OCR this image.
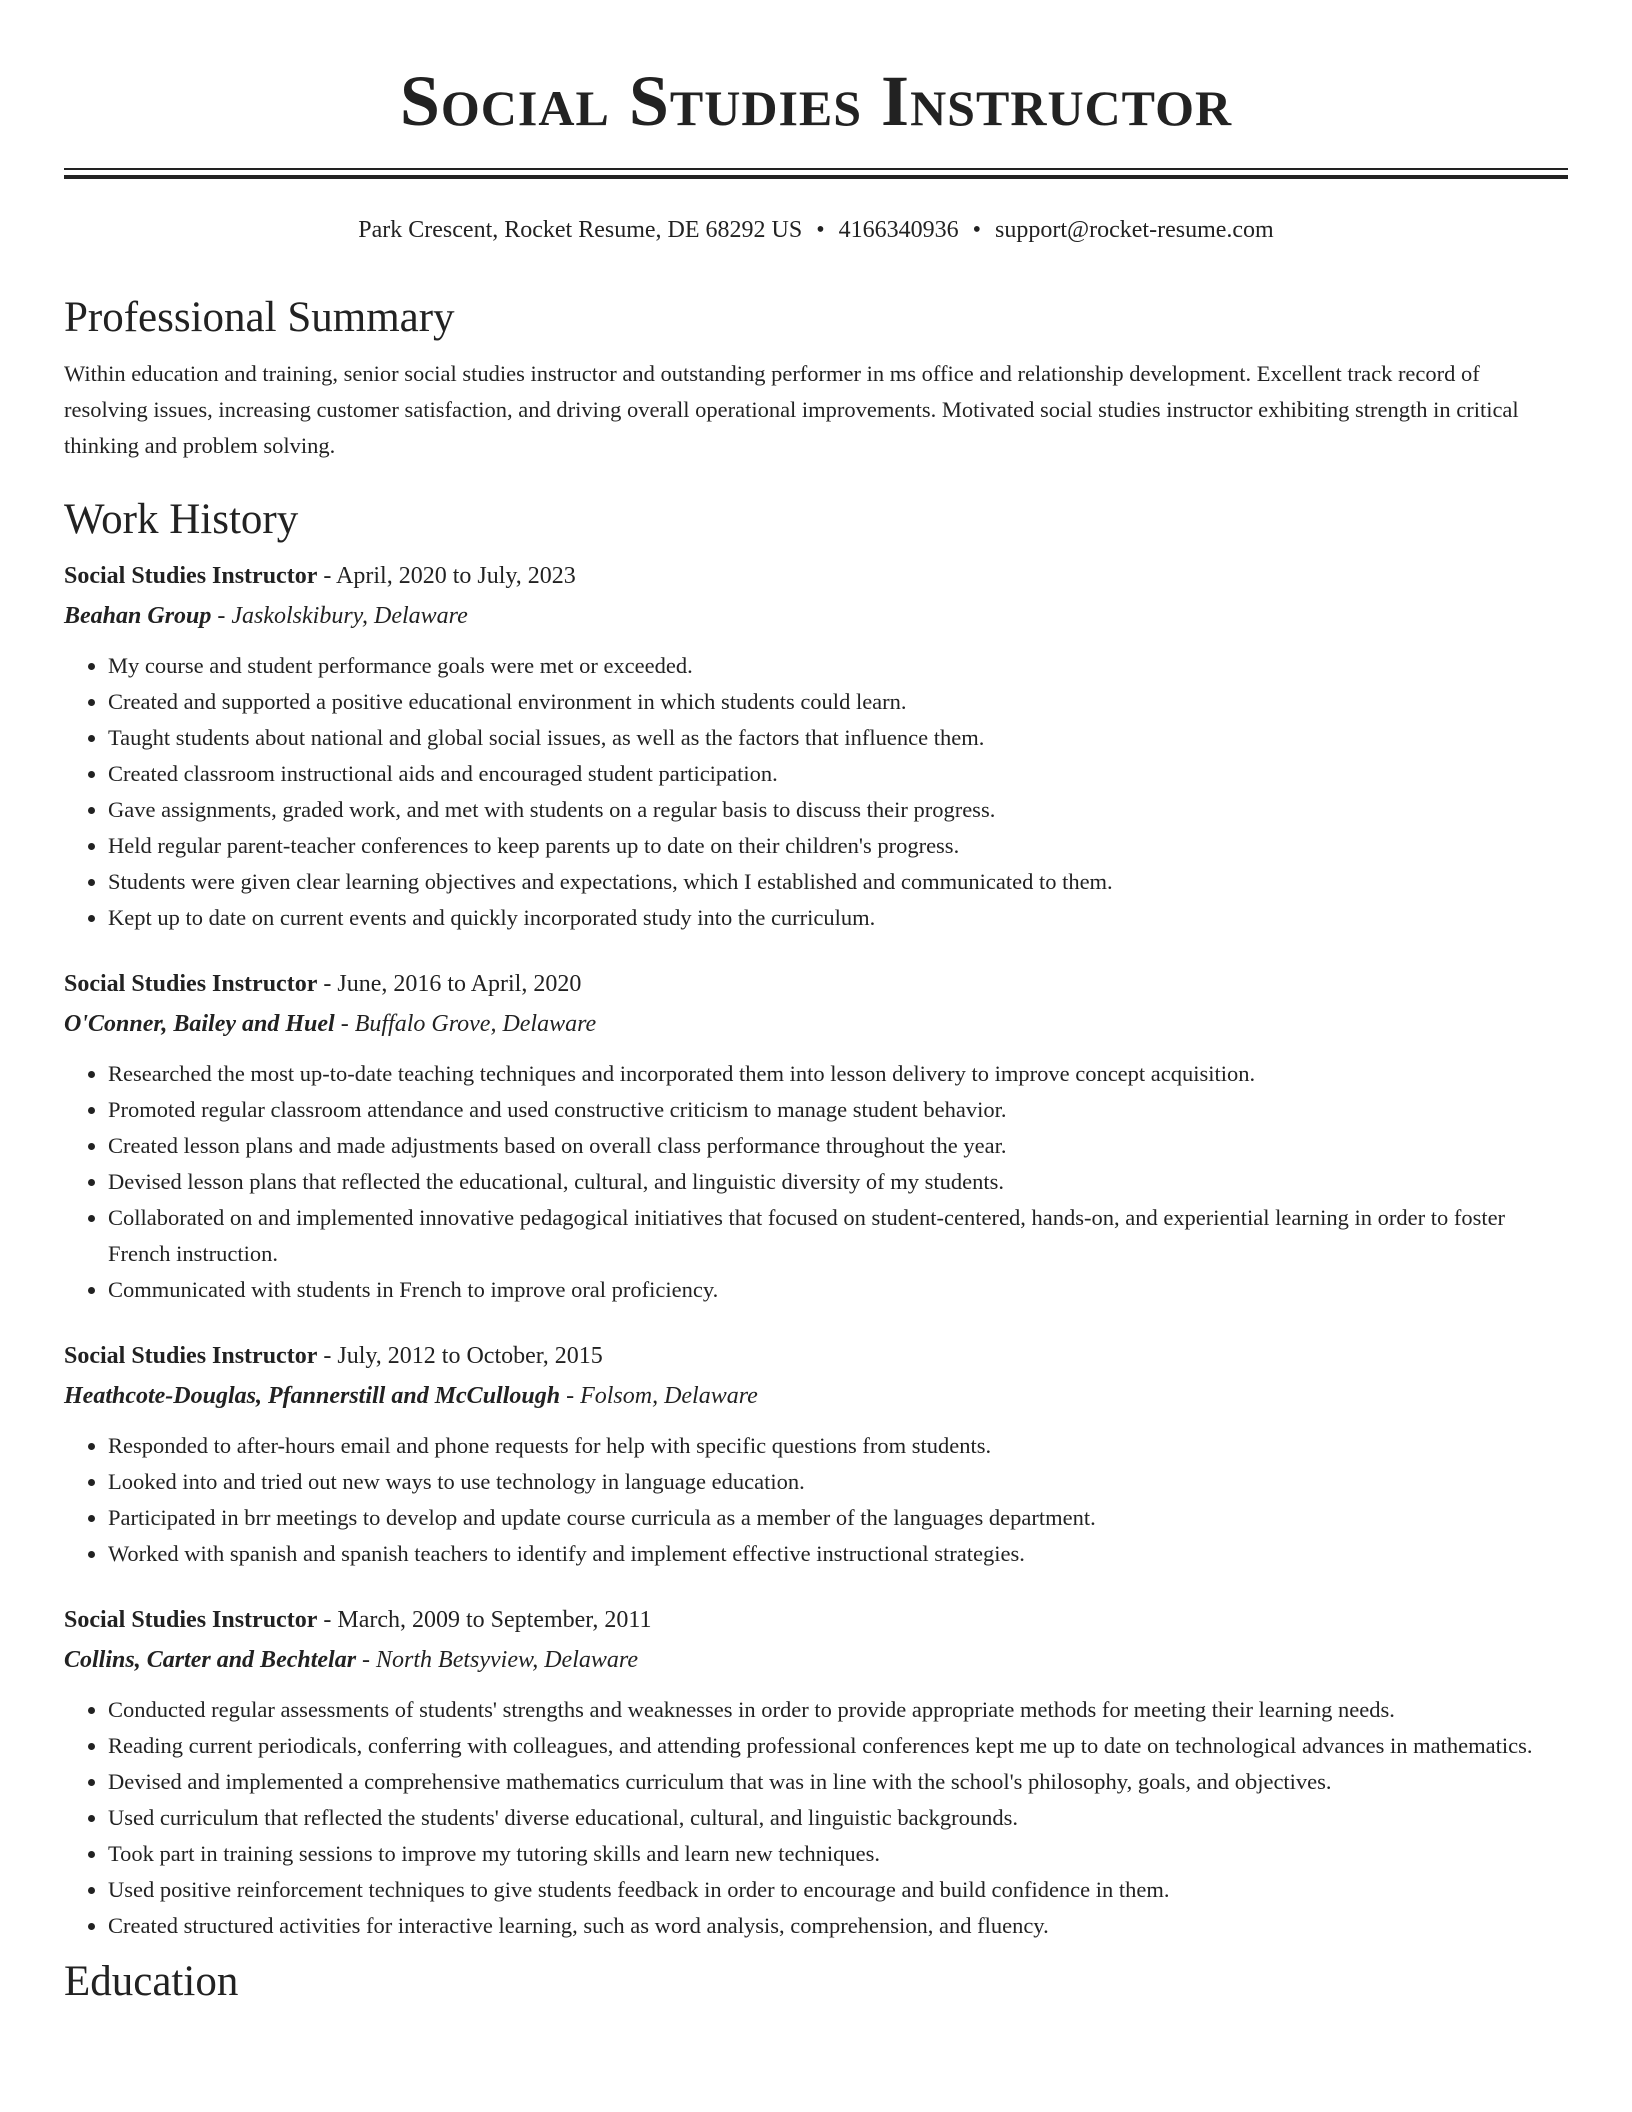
Social Studies Instructor
Park Crescent, Rocket Resume, DE 68292 US • 4166340936 • support@rocket-resume.com
Professional Summary

Within education and training, senior social studies instructor and outstanding performer in ms office and relationship development. Excellent track record of resolving issues, increasing customer satisfaction, and driving overall operational improvements. Motivated social studies instructor exhibiting strength in critical thinking and problem solving.

Work History
Social Studies Instructor - April, 2020 to July, 2023
Beahan Group - Jaskolskibury, Delaware
• My course and student performance goals were met or exceeded.
• Created and supported a positive educational environment in which students could learn.
• Taught students about national and global social issues, as well as the factors that influence them.
• Created classroom instructional aids and encouraged student participation.
• Gave assignments, graded work, and met with students on a regular basis to discuss their progress.
• Held regular parent-teacher conferences to keep parents up to date on their children's progress.
• Students were given clear learning objectives and expectations, which I established and communicated to them.
• Kept up to date on current events and quickly incorporated study into the curriculum.
Social Studies Instructor - June, 2016 to April, 2020
O'Conner, Bailey and Huel - Buffalo Grove, Delaware
• Researched the most up-to-date teaching techniques and incorporated them into lesson delivery to improve concept acquisition.
• Promoted regular classroom attendance and used constructive criticism to manage student behavior.
• Created lesson plans and made adjustments based on overall class performance throughout the year.
• Devised lesson plans that reflected the educational, cultural, and linguistic diversity of my students.
• Collaborated on and implemented innovative pedagogical initiatives that focused on student-centered, hands-on, and experiential learning in order to foster French instruction.
• Communicated with students in French to improve oral proficiency.
Social Studies Instructor - July, 2012 to October, 2015
Heathcote-Douglas, Pfannerstill and McCullough - Folsom, Delaware
• Responded to after-hours email and phone requests for help with specific questions from students.
• Looked into and tried out new ways to use technology in language education.
• Participated in brr meetings to develop and update course curricula as a member of the languages department.
• Worked with spanish and spanish teachers to identify and implement effective instructional strategies.
Social Studies Instructor - March, 2009 to September, 2011
Collins, Carter and Bechtelar - North Betsyview, Delaware
• Conducted regular assessments of students' strengths and weaknesses in order to provide appropriate methods for meeting their learning needs.
• Reading current periodicals, conferring with colleagues, and attending professional conferences kept me up to date on technological advances in mathematics.
• Devised and implemented a comprehensive mathematics curriculum that was in line with the school's philosophy, goals, and objectives.
• Used curriculum that reflected the students' diverse educational, cultural, and linguistic backgrounds.
• Took part in training sessions to improve my tutoring skills and learn new techniques.
• Used positive reinforcement techniques to give students feedback in order to encourage and build confidence in them.
• Created structured activities for interactive learning, such as word analysis, comprehension, and fluency.
Education
